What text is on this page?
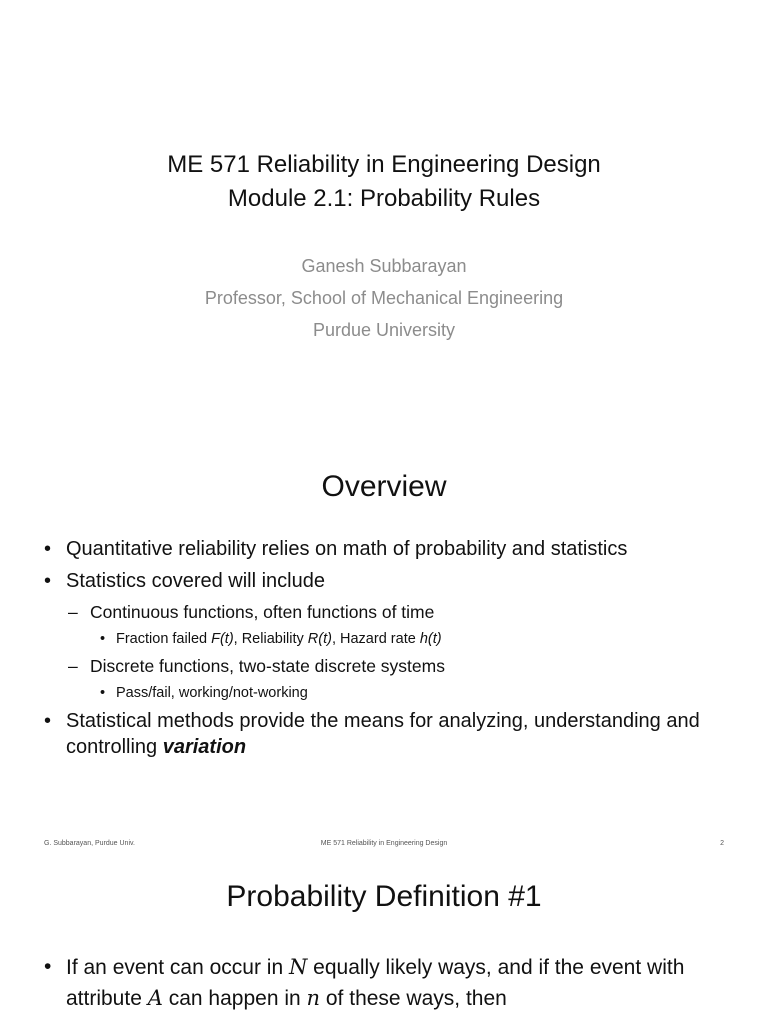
ME 571 Reliability in Engineering Design
Module 2.1: Probability Rules
Ganesh Subbarayan
Professor, School of Mechanical Engineering
Purdue University
Overview
• Quantitative reliability relies on math of probability and statistics
• Statistics covered will include
– Continuous functions, often functions of time
• Fraction failed F(t), Reliability R(t), Hazard rate h(t)
– Discrete functions, two-state discrete systems
• Pass/fail, working/not-working
• Statistical methods provide the means for analyzing, understanding and controlling variation
G. Subbarayan, Purdue Univ.	ME 571 Reliability in Engineering Design	2
Probability Definition #1
• If an event can occur in N equally likely ways, and if the event with attribute A can happen in n of these ways, then
